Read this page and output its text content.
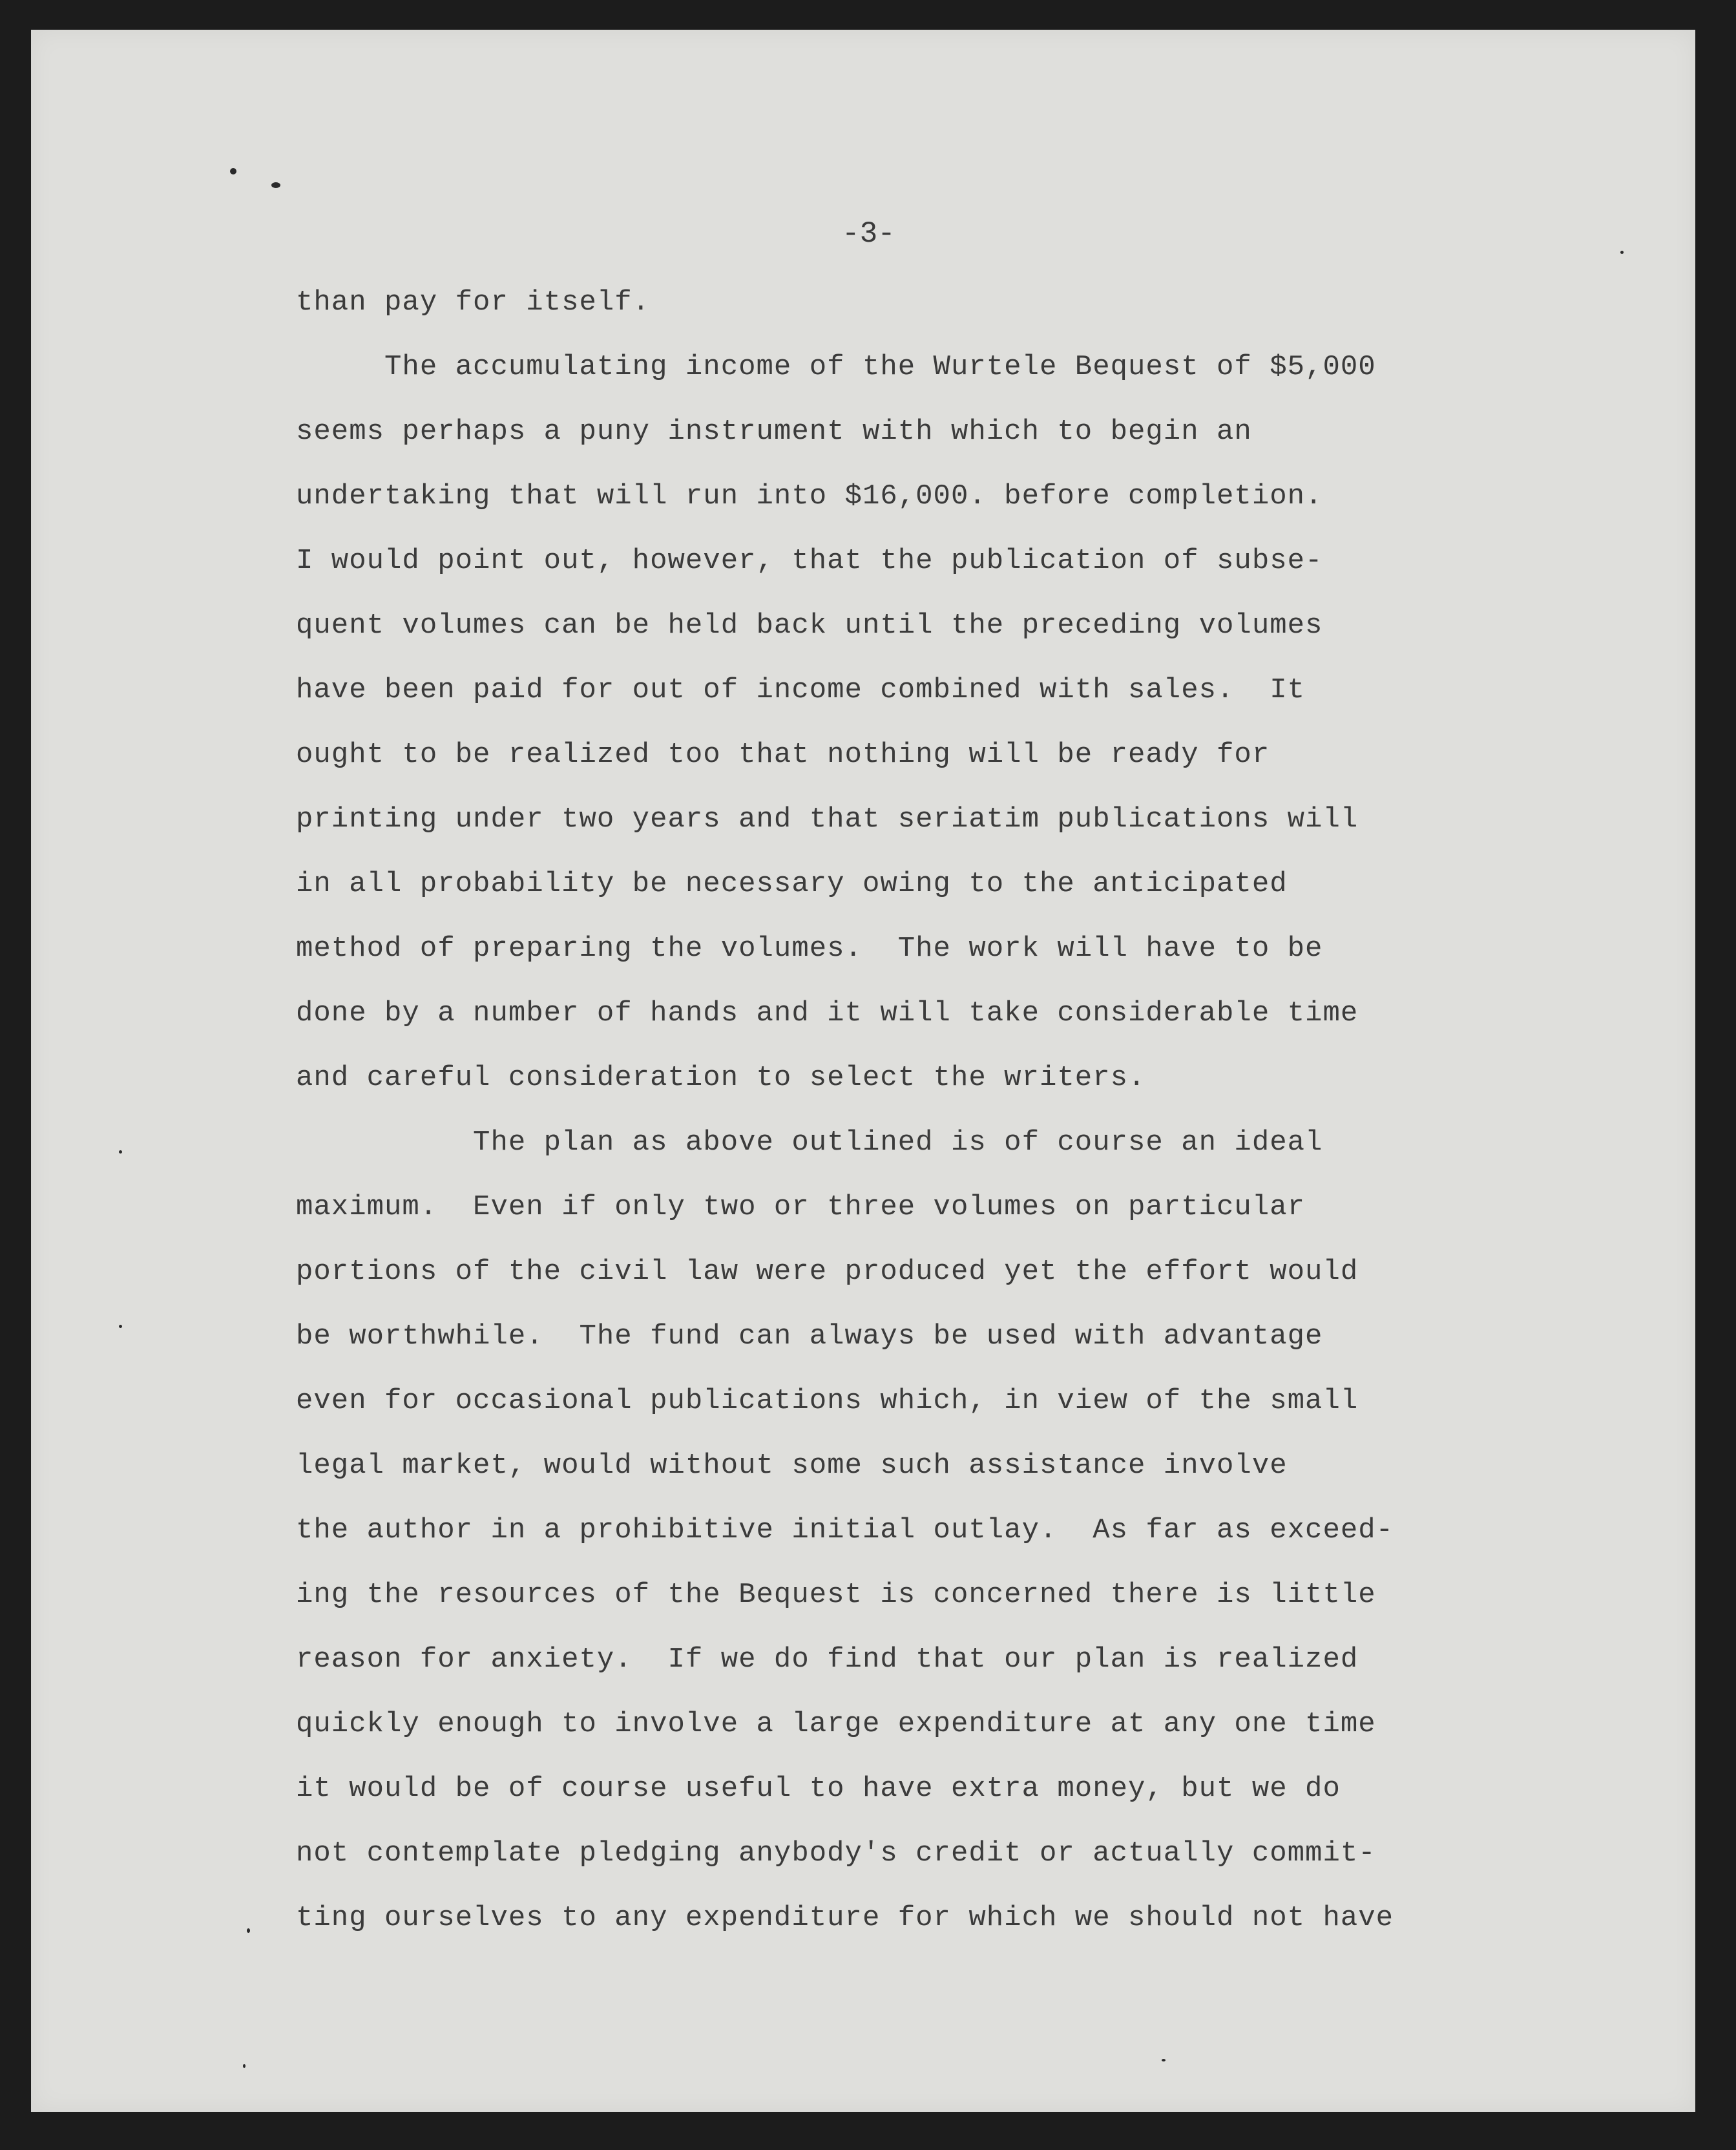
-3-
than pay for itself.
The accumulating income of the Wurtele Bequest of $5,000
seems perhaps a puny instrument with which to begin an
undertaking that will run into $16,000. before completion.
I would point out, however, that the publication of subse-
quent volumes can be held back until the preceding volumes
have been paid for out of income combined with sales.  It
ought to be realized too that nothing will be ready for
printing under two years and that seriatim publications will
in all probability be necessary owing to the anticipated
method of preparing the volumes.  The work will have to be
done by a number of hands and it will take considerable time
and careful consideration to select the writers.
The plan as above outlined is of course an ideal
maximum.  Even if only two or three volumes on particular
portions of the civil law were produced yet the effort would
be worthwhile.  The fund can always be used with advantage
even for occasional publications which, in view of the small
legal market, would without some such assistance involve
the author in a prohibitive initial outlay.  As far as exceed-
ing the resources of the Bequest is concerned there is little
reason for anxiety.  If we do find that our plan is realized
quickly enough to involve a large expenditure at any one time
it would be of course useful to have extra money, but we do
not contemplate pledging anybody's credit or actually commit-
ting ourselves to any expenditure for which we should not have
